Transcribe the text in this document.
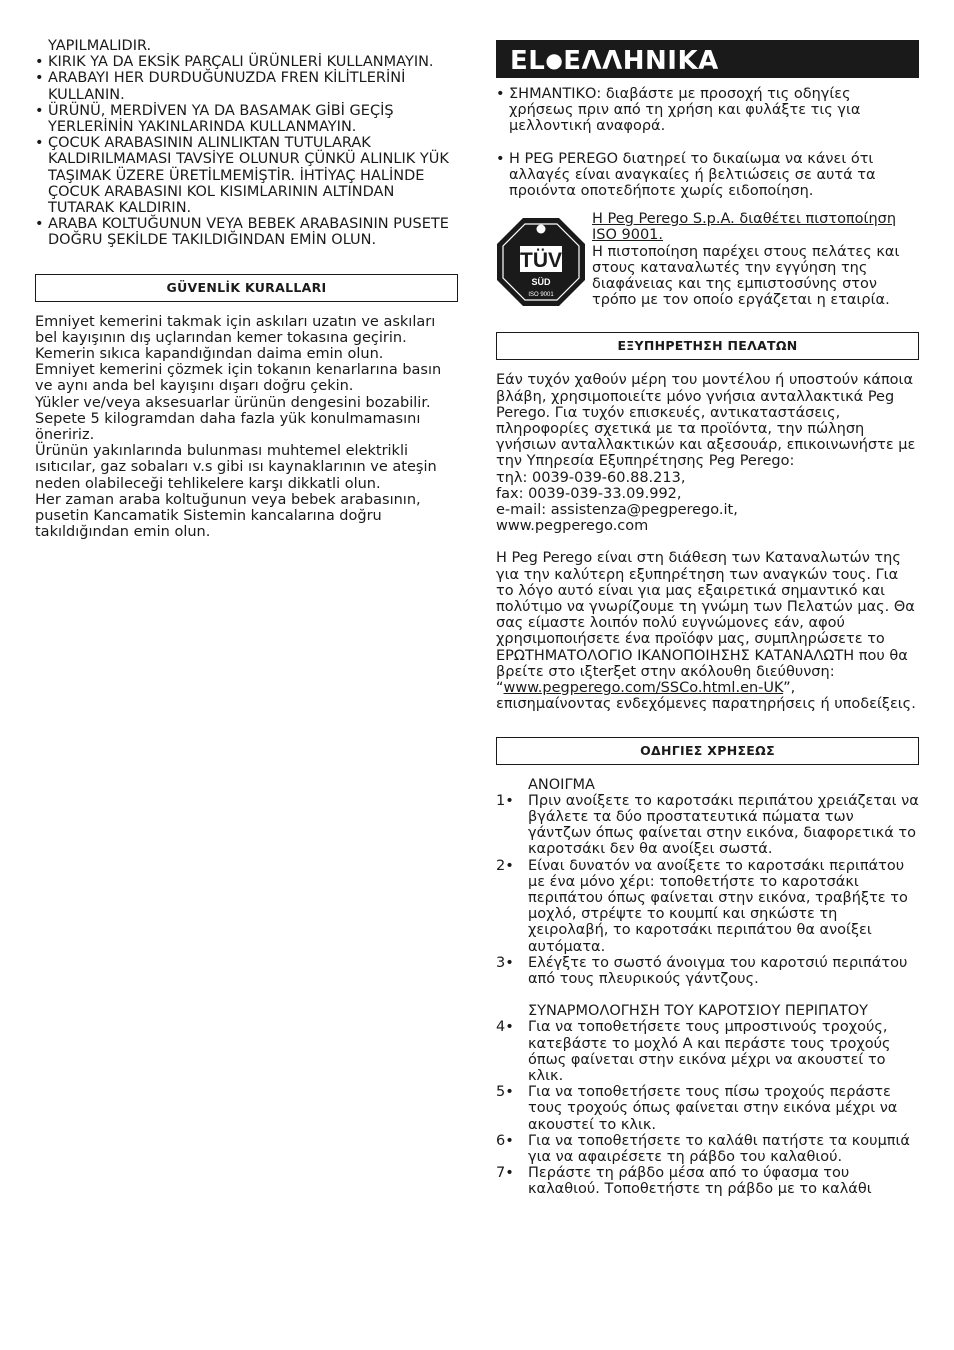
YAPILMALIDIR.

• KIRIK YA DA EKSİK PARÇALI ÜRÜNLERİ KULLANMAYIN.
• ARABAYI HER DURDUĞUNUZDA FREN KİLİTLERİNİ KULLANIN.
• ÜRÜNÜ, MERDİVEN YA DA BASAMAK GİBİ GEÇİŞ YERLERİNİN YAKINLARINDA KULLANMAYIN.
• ÇOCUK ARABASININ ALINLIKTAN TUTULARAK KALDIRILMAMASI TAVSİYE OLUNUR ÇÜNKÜ ALINLIK YÜK TAŞIMAK ÜZERE ÜRETİLMEMİŞTİR. İHTİYAÇ HALİNDE ÇOCUK ARABASINI KOL KISIMLARININ ALTINDAN TUTARAK KALDIRIN.
• ARABA KOLTUĞUNUN VEYA BEBEK ARABASININ PUSETE DOĞRU ŞEKİLDE TAKILDIĞINDAN EMİN OLUN.
GÜVENLİK KURALLARI

Emniyet kemerini takmak için askıları uzatın ve askıları bel kayışının dış uçlarından kemer tokasına geçirin. Kemerin sıkıca kapandığından daima emin olun.

Emniyet kemerini çözmek için tokanın kenarlarına basın ve aynı anda bel kayışını dışarı doğru çekin.

Yükler ve/veya aksesuarlar ürünün dengesini bozabilir. Sepete 5 kilogramdan daha fazla yük konulmamasını öneririz.

Ürünün yakınlarında bulunması muhtemel elektrikli ısıtıcılar, gaz sobaları v.s gibi ısı kaynaklarının ve ateşin neden olabileceği tehlikelere karşı dikkatli olun.

Her zaman araba koltuğunun veya bebek arabasının, pusetin Kancamatik Sistemin kancalarına doğru takıldığından emin olun.

EL●ΕΛΛΗΝΙΚΑ
• ΣΗΜΑΝΤΙΚΟ: διαβάστε με προσοχή τις οδηγίες χρήσεως πριν από τη χρήση και φυλάξτε τις για μελλοντική αναφορά.
• Η PEG PEREGO διατηρεί το δικαίωμα να κάνει ότι αλλαγές είναι αναγκαίες ή βελτιώσεις σε αυτά τα προιόντα οποτεδήποτε χωρίς ειδοποίηση.
TÜV
SÜD
ISO 9001

Η Peg Perego S.p.A. διαθέτει πιστοποίηση ISO 9001.

Η πιστοποίηση παρέχει στους πελάτες και στους καταναλωτές την εγγύηση της διαφάνειας και της εμπιστοσύνης στον τρόπο με τον οποίο εργάζεται η εταιρία.

ΕΞΥΠΗΡΕΤΗΣΗ ΠΕΛΑΤΩΝ

Εάν τυχόν χαθούν μέρη του μοντέλου ή υποστούν κάποια βλάβη, χρησιμοποιείτε μόνο γνήσια ανταλλακτικά Peg Perego. Για τυχόν επισκευές, αντικαταστάσεις, πληροφορίες σχετικά με τα προϊόντα, την πώληση γνήσιων ανταλλακτικών και αξεσουάρ, επικοινωνήστε με την Υπηρεσία Εξυπηρέτησης Peg Perego:

τηλ: 0039-039-60.88.213,

fax: 0039-039-33.09.992,

e-mail: assistenza@pegperego.it,

www.pegperego.com

Η Peg Perego είναι στη διάθεση των Καταναλωτών της για την καλύτερη εξυπηρέτηση των αναγκών τους. Για το λόγο αυτό είναι για μας εξαιρετικά σημαντικό και πολύτιμο να γνωρίζουμε τη γνώμη των Πελατών μας. Θα σας είμαστε λοιπόν πολύ ευγνώμονες εάν, αφού χρησιμοποιήσετε ένα προϊόφν μας, συμπληρώσετε το ΕΡΩΤΗΜΑΤΟΛΟΓΙΟ ΙΚΑΝΟΠΟΙΗΣΗΣ ΚΑΤΑΝΑΛΩΤΗ που θα βρείτε στο ιξterξet στην ακόλουθη διεύθυνση: “www.pegperego.com/SSCo.html.en-UK”,

επισημαίνοντας ενδεχόμενες παρατηρήσεις ή υποδείξεις.

ΟΔΗΓΙΕΣ ΧΡΗΣΕΩΣ

ΑΝΟΙΓΜΑ

1• Πριν ανοίξετε το καροτσάκι περιπάτου χρειάζεται να βγάλετε τα δύο προστατευτικά πώματα των γάντζων όπως φαίνεται στην εικόνα, διαφορετικά το καροτσάκι δεν θα ανοίξει σωστά.
2• Είναι δυνατόν να ανοίξετε το καροτσάκι περιπάτου με ένα μόνο χέρι: τοποθετήστε το καροτσάκι περιπάτου όπως φαίνεται στην εικόνα, τραβήξτε το μοχλό, στρέψτε το κουμπί και σηκώστε τη χειρολαβή, το καροτσάκι περιπάτου θα ανοίξει αυτόματα.
3• Ελέγξτε το σωστό άνοιγμα του καροτσιύ περιπάτου από τους πλευρικούς γάντζους.

ΣΥΝΑΡΜΟΛΟΓΗΣΗ ΤΟΥ ΚΑΡΟΤΣΙΟΥ ΠΕΡΙΠΑΤΟΥ

4• Για να τοποθετήσετε τους μπροστινούς τροχούς, κατεβάστε το μοχλό A και περάστε τους τροχούς όπως φαίνεται στην εικόνα μέχρι να ακουστεί το κλικ.
5• Για να τοποθετήσετε τους πίσω τροχούς περάστε τους τροχούς όπως φαίνεται στην εικόνα μέχρι να ακουστεί το κλικ.
6• Για να τοποθετήσετε το καλάθι πατήστε τα κουμπιά για να αφαιρέσετε τη ράβδο του καλαθιού.
7• Περάστε τη ράβδο μέσα από το ύφασμα του καλαθιού. Τοποθετήστε τη ράβδο με το καλάθι
